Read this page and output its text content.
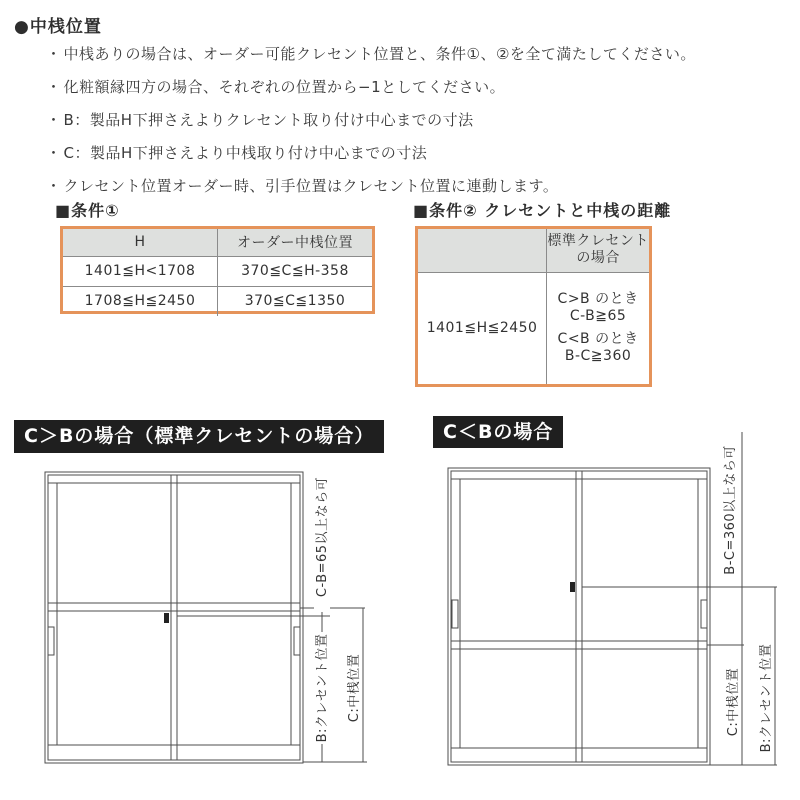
●中桟位置
・ 中桟ありの場合は、オーダー可能クレセント位置と、条件①、②を全て満たしてください。
・ 化粧額縁四方の場合、それぞれの位置から−1としてください。
・ B：製品H下押さえよりクレセント取り付け中心までの寸法
・ C：製品H下押さえより中桟取り付け中心までの寸法
・ クレセント位置オーダー時、引手位置はクレセント位置に連動します。
■条件①
H	オーダー中桟位置
1401≦H<1708	370≦C≦H-358
1708≦H≦2450	370≦C≦1350
■条件② クレセントと中桟の距離

	標準クレセント
の場合

1401≦H≦2450	C>B のとき
C-B≧65
C<B のとき
B-C≧360
C＞Bの場合（標準クレセントの場合）	C＜Bの場合
C-B=65以上なら可
B:クレセント位置 C:中桟位置
B-C=360以上なら可
C:中桟位置 B:クレセント位置
